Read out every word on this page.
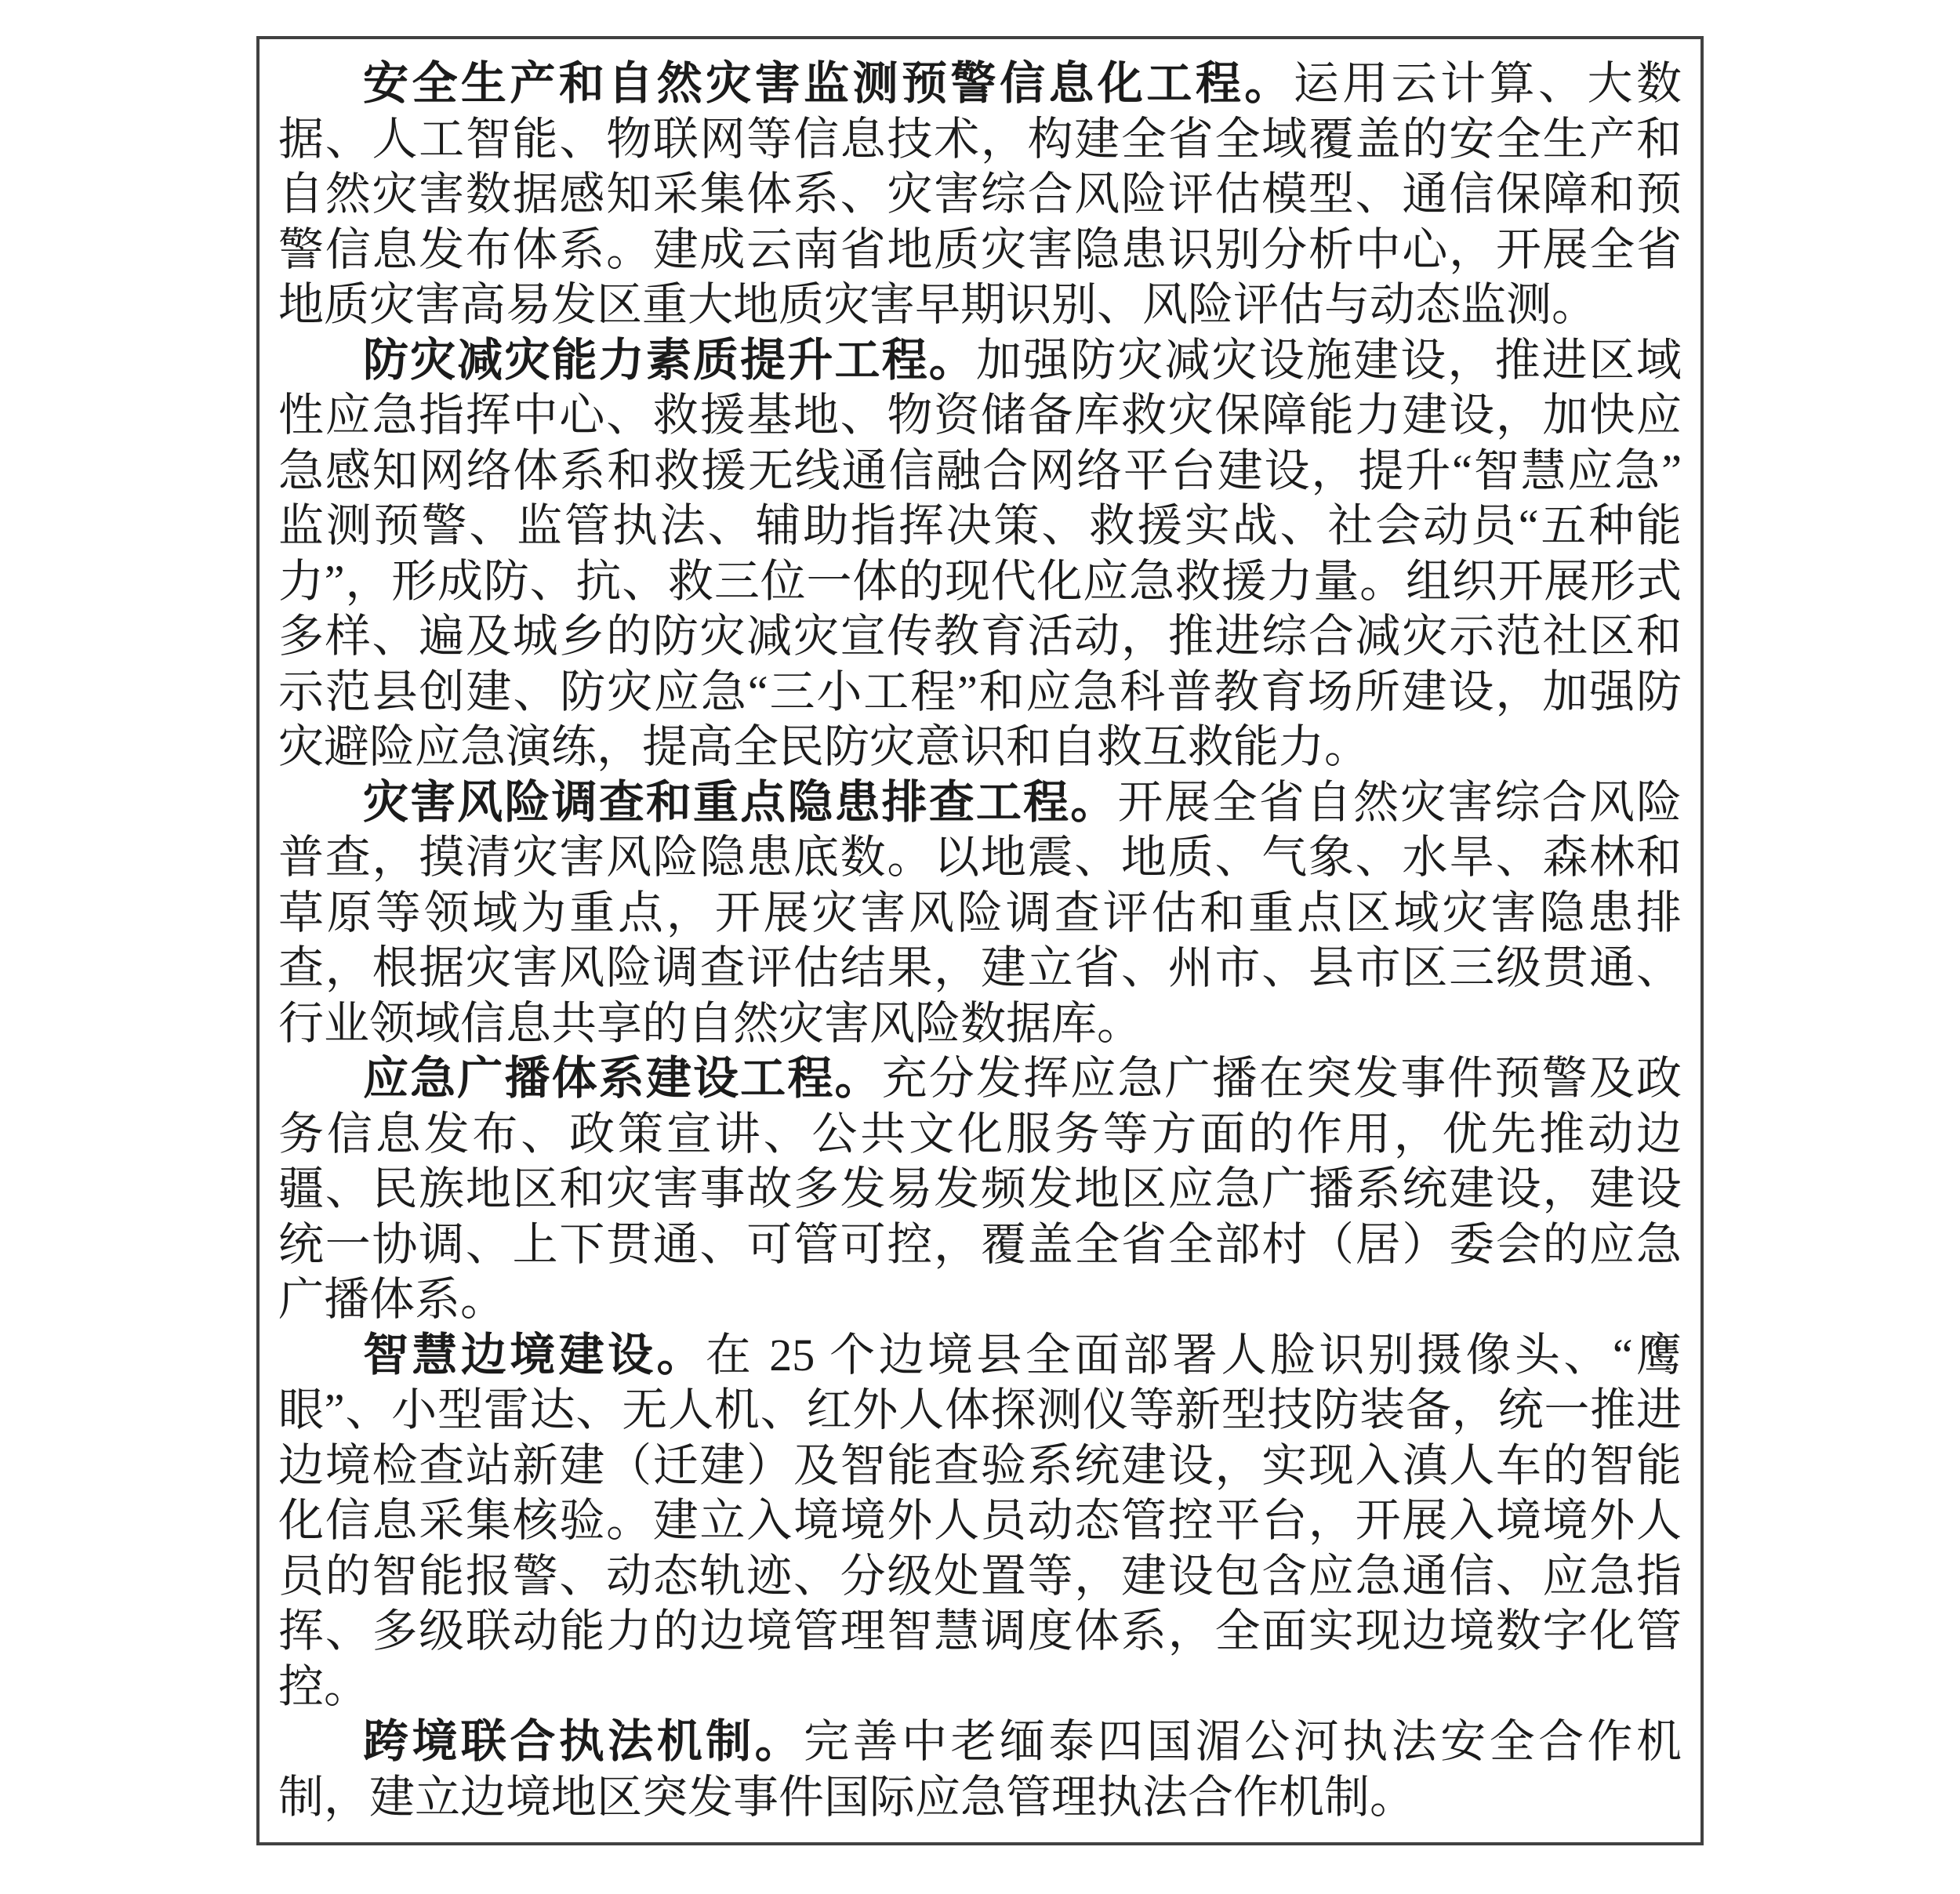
安全生产和自然灾害监测预警信息化工程。运用云计算、大数据、人工智能、物联网等信息技术，构建全省全域覆盖的安全生产和自然灾害数据感知采集体系、灾害综合风险评估模型、通信保障和预警信息发布体系。建成云南省地质灾害隐患识别分析中心，开展全省地质灾害高易发区重大地质灾害早期识别、风险评估与动态监测。

防灾减灾能力素质提升工程。加强防灾减灾设施建设，推进区域性应急指挥中心、救援基地、物资储备库救灾保障能力建设，加快应急感知网络体系和救援无线通信融合网络平台建设，提升“智慧应急”监测预警、监管执法、辅助指挥决策、救援实战、社会动员“五种能力”，形成防、抗、救三位一体的现代化应急救援力量。组织开展形式多样、遍及城乡的防灾减灾宣传教育活动，推进综合减灾示范社区和示范县创建、防灾应急“三小工程”和应急科普教育场所建设，加强防灾避险应急演练，提高全民防灾意识和自救互救能力。

灾害风险调查和重点隐患排查工程。开展全省自然灾害综合风险普查，摸清灾害风险隐患底数。以地震、地质、气象、水旱、森林和草原等领域为重点，开展灾害风险调查评估和重点区域灾害隐患排查，根据灾害风险调查评估结果，建立省、州市、县市区三级贯通、行业领域信息共享的自然灾害风险数据库。

应急广播体系建设工程。充分发挥应急广播在突发事件预警及政务信息发布、政策宣讲、公共文化服务等方面的作用，优先推动边疆、民族地区和灾害事故多发易发频发地区应急广播系统建设，建设统一协调、上下贯通、可管可控，覆盖全省全部村（居）委会的应急广播体系。

智慧边境建设。在 25 个边境县全面部署人脸识别摄像头、“鹰眼”、小型雷达、无人机、红外人体探测仪等新型技防装备，统一推进边境检查站新建（迁建）及智能查验系统建设，实现入滇人车的智能化信息采集核验。建立入境境外人员动态管控平台，开展入境境外人员的智能报警、动态轨迹、分级处置等，建设包含应急通信、应急指挥、多级联动能力的边境管理智慧调度体系，全面实现边境数字化管控。

跨境联合执法机制。完善中老缅泰四国湄公河执法安全合作机制，建立边境地区突发事件国际应急管理执法合作机制。
